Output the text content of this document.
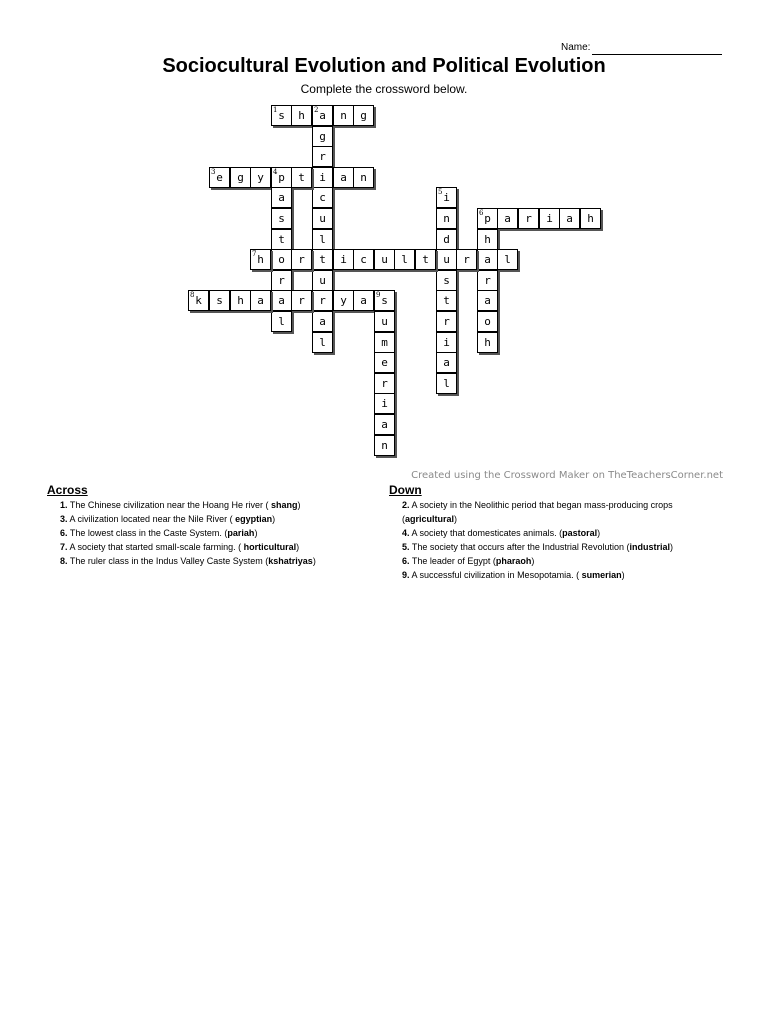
Name:
Sociocultural Evolution and Political Evolution
Complete the crossword below.
1 s	h	2 a	n	g
g
r
i
c
u
l
t
u
r
a
l
3 e	g	y	4 p	t	a	n
a
s
t
o
r
a
l
5 i
n
d
u
s
t
r
i
a
l
6 p	a	r	i	a	h
h
a
r
a
o
h
7 h	r	i	c	u	l	t	r	l
8 k	s	h	a	r	y	a	9 s
u
m
e
r
i
a
n
Created using the Crossword Maker on TheTeachersCorner.net
Across
1. The Chinese civilization near the Hoang He river ( shang)
3. A civilization located near the Nile River ( egyptian)
6. The lowest class in the Caste System. (pariah)
7. A society that started small-scale farming. ( horticultural)
8. The ruler class in the Indus Valley Caste System (kshatriyas)
Down
2. A society in the Neolithic period that began mass-producing crops (agricultural)
4. A society that domesticates animals. (pastoral)
5. The society that occurs after the Industrial Revolution (industrial)
6. The leader of Egypt (pharaoh)
9. A successful civilization in Mesopotamia. ( sumerian)
